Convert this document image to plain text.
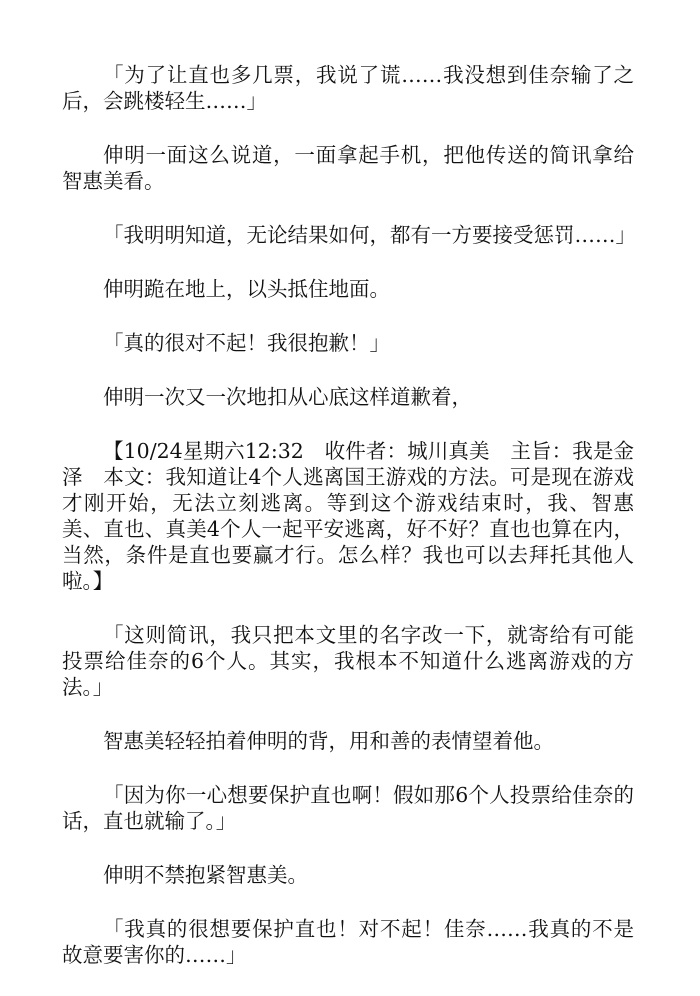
「为了让直也多几票，我说了谎……我没想到佳奈输了之后，会跳楼轻生……」

伸明一面这么说道，一面拿起手机，把他传送的简讯拿给智惠美看。

「我明明知道，无论结果如何，都有一方要接受惩罚……」

伸明跪在地上，以头抵住地面。

「真的很对不起！我很抱歉！」

伸明一次又一次地扣从心底这样道歉着，

【10/24星期六12:32　收件者：城川真美　主旨：我是金泽　本文：我知道让4个人逃离国王游戏的方法。可是现在游戏才刚开始，无法立刻逃离。等到这个游戏结束时，我、智惠美、直也、真美4个人一起平安逃离，好不好？直也也算在内，当然，条件是直也要赢才行。怎么样？我也可以去拜托其他人啦。】

「这则简讯，我只把本文里的名字改一下，就寄给有可能投票给佳奈的6个人。其实，我根本不知道什么逃离游戏的方法。」

智惠美轻轻拍着伸明的背，用和善的表情望着他。

「因为你一心想要保护直也啊！假如那6个人投票给佳奈的话，直也就输了。」

伸明不禁抱紧智惠美。

「我真的很想要保护直也！对不起！佳奈……我真的不是故意要害你的……」
